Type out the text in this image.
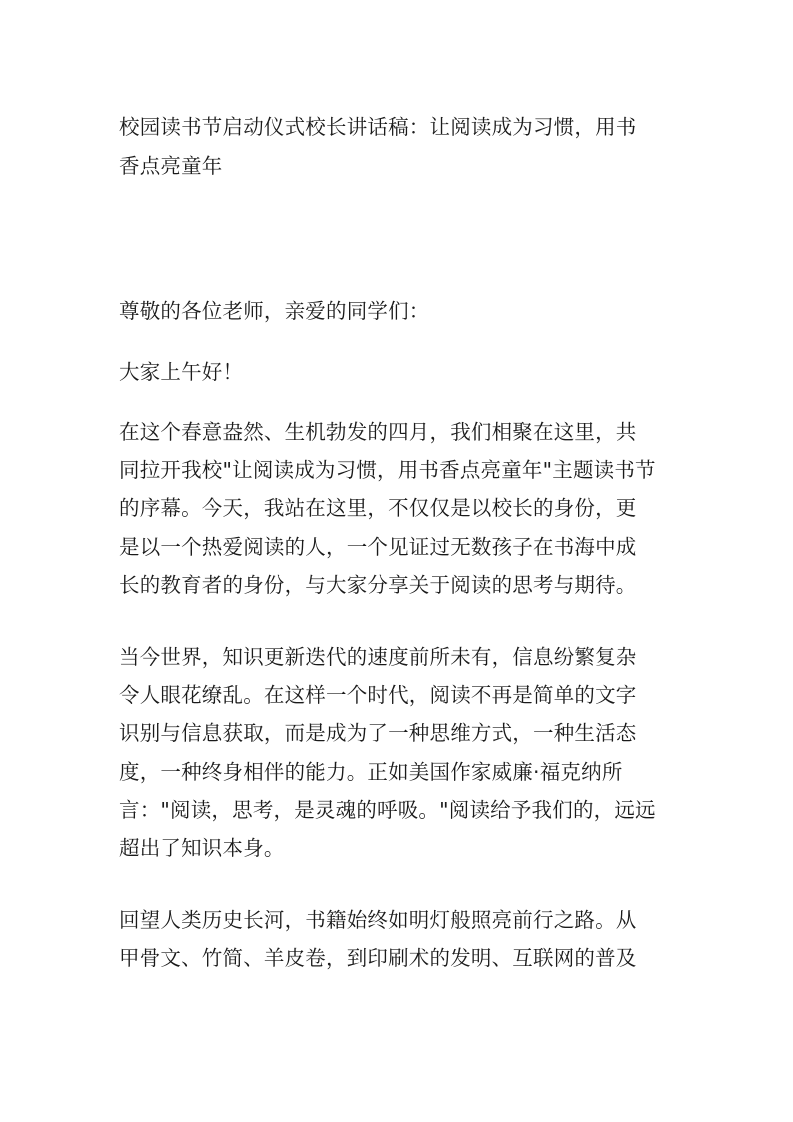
校园读书节启动仪式校长讲话稿：让阅读成为习惯，用书
香点亮童年
尊敬的各位老师，亲爱的同学们：
大家上午好！
在这个春意盎然、生机勃发的四月，我们相聚在这里，共
同拉开我校"让阅读成为习惯，用书香点亮童年"主题读书节
的序幕。今天，我站在这里，不仅仅是以校长的身份，更
是以一个热爱阅读的人，一个见证过无数孩子在书海中成
长的教育者的身份，与大家分享关于阅读的思考与期待。
当今世界，知识更新迭代的速度前所未有，信息纷繁复杂
令人眼花缭乱。在这样一个时代，阅读不再是简单的文字
识别与信息获取，而是成为了一种思维方式，一种生活态
度，一种终身相伴的能力。正如美国作家威廉·福克纳所
言："阅读，思考，是灵魂的呼吸。"阅读给予我们的，远远
超出了知识本身。
回望人类历史长河，书籍始终如明灯般照亮前行之路。从
甲骨文、竹简、羊皮卷，到印刷术的发明、互联网的普及
